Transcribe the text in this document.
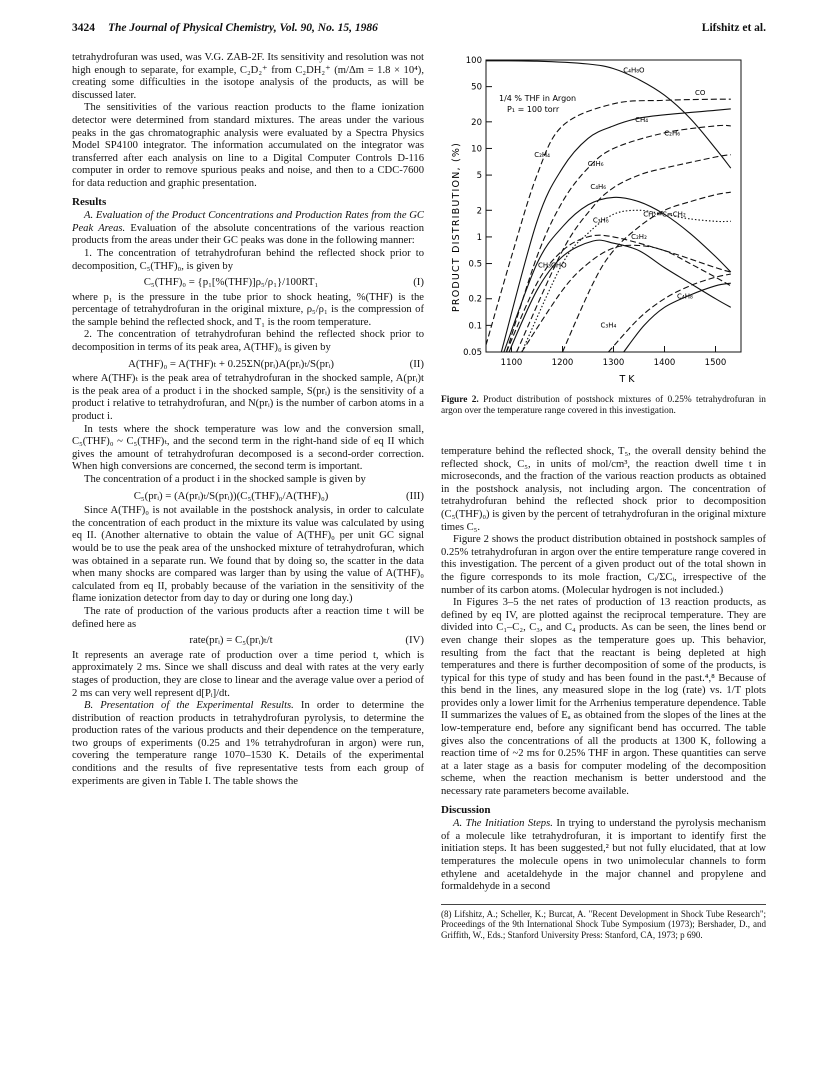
3424 The Journal of Physical Chemistry, Vol. 90, No. 15, 1986	Lifshitz et al.

tetrahydrofuran was used, was V.G. ZAB-2F. Its sensitivity and resolution was not high enough to separate, for example, C₂D₂⁺ from C₂DH₂⁺ (m/Δm = 1.8 × 10⁴), creating some difficulties in the isotope analysis of the products, as will be discussed later.

The sensitivities of the various reaction products to the flame ionization detector were determined from standard mixtures. The areas under the various peaks in the gas chromatographic analysis were evaluated by a Spectra Physics Model SP4100 integrator. The information accumulated on the integrator was transferred after each analysis on line to a Digital Computer Controls D-116 computer in order to remove spurious peaks and noise, and then to a CDC-7600 for data reduction and graphic presentation.

Results

A. Evaluation of the Product Concentrations and Production Rates from the GC Peak Areas. Evaluation of the absolute concentrations of the various reaction products from the areas under their GC peaks was done in the following manner:

1. The concentration of tetrahydrofuran behind the reflected shock prior to decomposition, C₅(THF)₀, is given by

C₅(THF)₀ = {p₁[%(THF)]ρ₅/ρ₁}/100RT₁	(I)

where p₁ is the pressure in the tube prior to shock heating, %(THF) is the percentage of tetrahydrofuran in the original mixture, ρ₅/ρ₁ is the compression of the sample behind the reflected shock, and T₁ is the room temperature.

2. The concentration of tetrahydrofuran behind the reflected shock prior to decomposition in terms of its peak area, A(THF)₀ is given by

A(THF)₀ = A(THF)ₜ + 0.25ΣN(prᵢ)A(prᵢ)ₜ/S(prᵢ)	(II)

where A(THF)ₜ is the peak area of tetrahydrofuran in the shocked sample, A(prᵢ)t is the peak area of a product i in the shocked sample, S(prᵢ) is the sensitivity of a product i relative to tetrahydrofuran, and N(prᵢ) is the number of carbon atoms in a product i.

In tests where the shock temperature was low and the conversion small, C₅(THF)₀ ~ C₅(THF)ₜ, and the second term in the right-hand side of eq II which gives the amount of tetrahydrofuran decomposed is a second-order correction. When high conversions are concerned, the second term is important.

The concentration of a product i in the shocked sample is given by

C₅(prᵢ) = (A(prᵢ)ₜ/S(prᵢ))(C₅(THF)₀/A(THF)₀)	(III)

Since A(THF)₀ is not available in the postshock analysis, in order to calculate the concentration of each product in the mixture its value was calculated by using eq II. (Another alternative to obtain the value of A(THF)₀ per unit GC signal would be to use the peak area of the unshocked mixture of tetrahydrofuran, which was obtained in a separate run. We found that by doing so, the scatter in the data when many shocks are compared was larger than by using the value of A(THF)₀ calculated from eq II, probably because of the variation in the sensitivity of the flame ionization detector from day to day or during one long day.)

The rate of production of the various products after a reaction time t will be defined here as

rate(prᵢ) = C₅(prᵢ)ₜ/t	(IV)

It represents an average rate of production over a time period t, which is approximately 2 ms. Since we shall discuss and deal with rates at the very early stages of production, they are close to linear and the average value over a period of 2 ms can very well represent d[Pᵢ]/dt.

B. Presentation of the Experimental Results. In order to determine the distribution of reaction products in tetrahydrofuran pyrolysis, to determine the production rates of the various products and their dependence on the temperature, two groups of experiments (0.25 and 1% tetrahydrofuran in argon) were run, covering the temperature range 1070–1530 K. Details of the experimental conditions and the results of five representative tests from each group of experiments are given in Table I. The table shows the

0.05
0.1
0.2
0.5
1
2
5
10
20
50
100
1100	1200	1300	1400	1500
C₄H₈O
CO
CH₄
C₂H₆
C₂H₄
C₃H₆
C₄H₆
CH₂=C=CH₂
C₃H₆
C₂H₂
CH₃CHO
C₄H₈
C₃H₄
PRODUCT DISTRIBUTION, (%)
T K
1/4 % THF in Argon
P₁ = 100 torr
Figure 2. Product distribution of postshock mixtures of 0.25% tetrahydrofuran in argon over the temperature range covered in this investigation.

temperature behind the reflected shock, T₅, the overall density behind the reflected shock, C₅, in units of mol/cm³, the reaction dwell time t in microseconds, and the fraction of the various reaction products as obtained in the postshock analysis, not including argon. The concentration of tetrahydrofuran behind the reflected shock prior to decomposition (C₅(THF)₀) is given by the percent of tetrahydrofuran in the original mixture times C₅.

Figure 2 shows the product distribution obtained in postshock samples of 0.25% tetrahydrofuran in argon over the entire temperature range covered in this investigation. The percent of a given product out of the total shown in the figure corresponds to its mole fraction, Cᵢ/ΣCᵢ, irrespective of the number of its carbon atoms. (Molecular hydrogen is not included.)

In Figures 3–5 the net rates of production of 13 reaction products, as defined by eq IV, are plotted against the reciprocal temperature. They are divided into C₁–C₂, C₃, and C₄ products. As can be seen, the lines bend or even change their slopes as the temperature goes up. This behavior, resulting from the fact that the reactant is being depleted at high temperatures and there is further decomposition of some of the products, is typical for this type of study and has been found in the past.⁴,⁸ Because of this bend in the lines, any measured slope in the log (rate) vs. 1/T plots provides only a lower limit for the Arrhenius temperature dependence. Table II summarizes the values of Eₐ as obtained from the slopes of the lines at the low-temperature end, before any significant bend has occurred. The table gives also the concentrations of all the products at 1300 K, following a reaction time of ~2 ms for 0.25% THF in argon. These quantities can serve at a later stage as a basis for computer modeling of the decomposition scheme, when the reaction mechanism is better understood and the necessary rate parameters become available.

Discussion

A. The Initiation Steps. In trying to understand the pyrolysis mechanism of a molecule like tetrahydrofuran, it is important to identify first the initiation steps. It has been suggested,² but not fully elucidated, that at low temperatures the molecule opens in two unimolecular channels to form ethylene and acetaldehyde in the major channel and propylene and formaldehyde in a second

(8) Lifshitz, A.; Scheller, K.; Burcat, A. "Recent Development in Shock Tube Research"; Proceedings of the 9th International Shock Tube Symposium (1973); Bershader, D., and Griffith, W., Eds.; Stanford University Press: Stanford, CA, 1973; p 690.
